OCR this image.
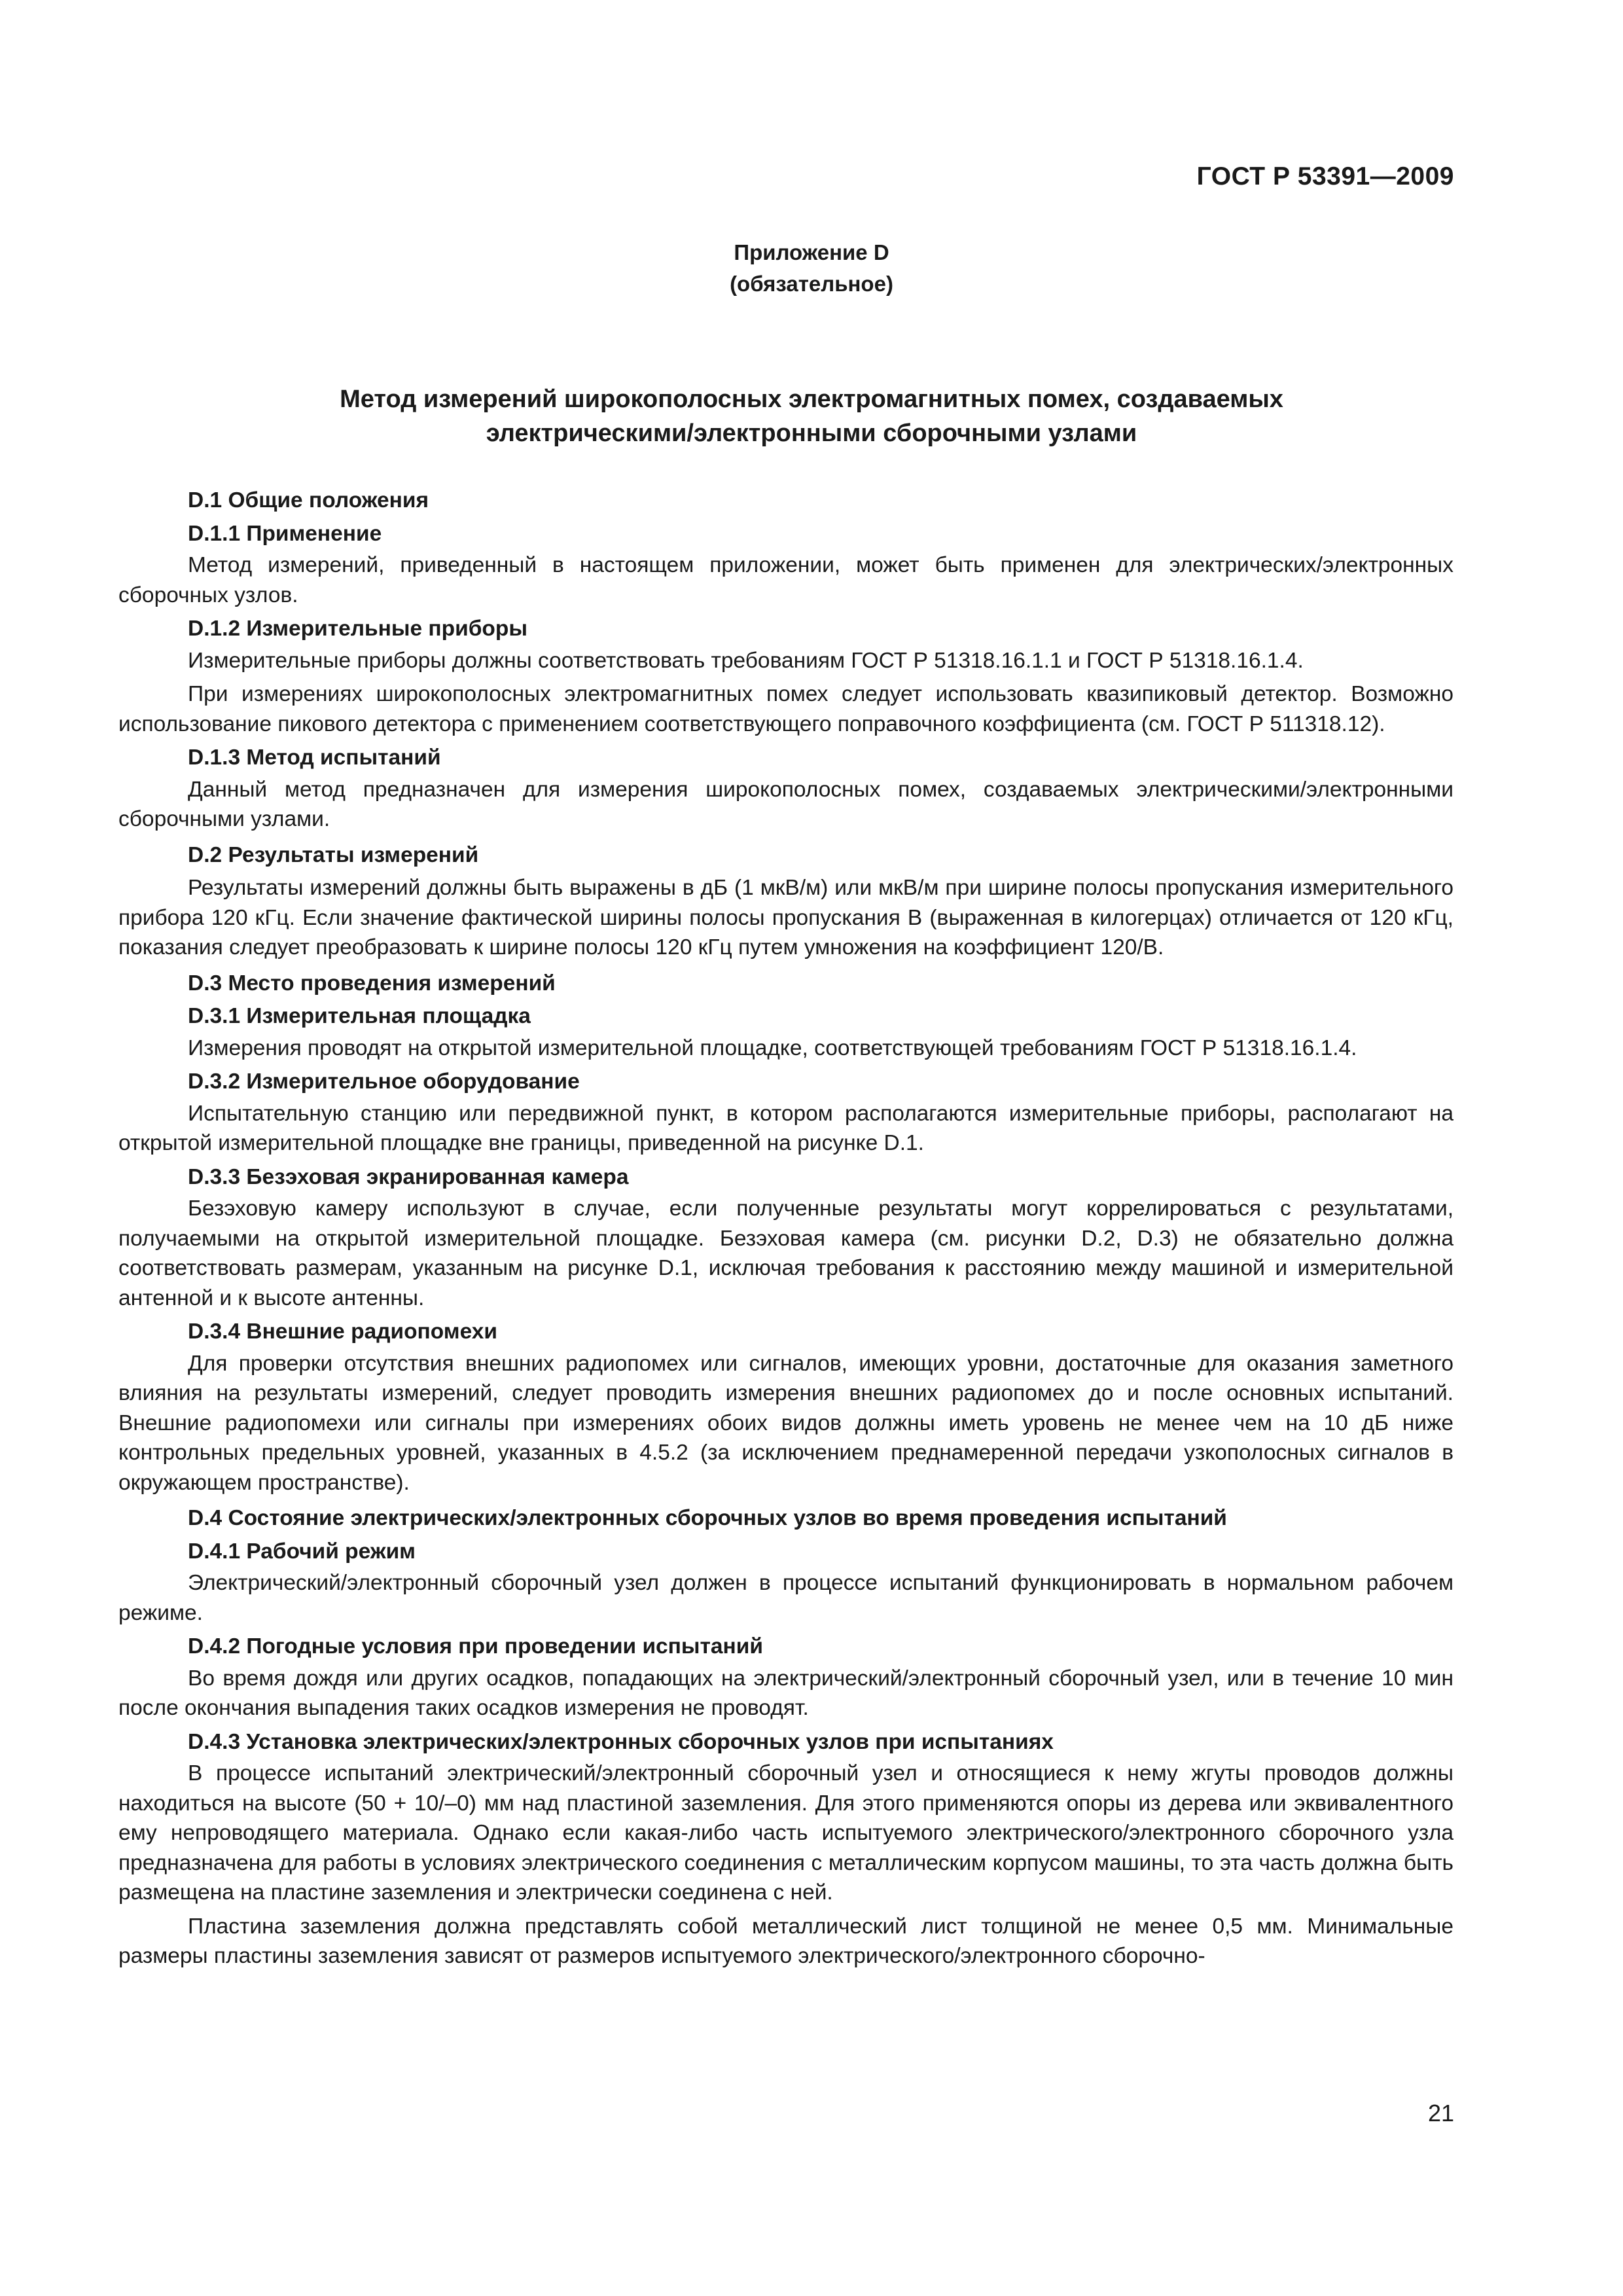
ГОСТ Р 53391—2009
Приложение D
(обязательное)
Метод измерений широкополосных электромагнитных помех, создаваемых
электрическими/электронными сборочными узлами

D.1 Общие положения

D.1.1 Применение

Метод измерений, приведенный в настоящем приложении, может быть применен для электрических/электронных сборочных узлов.

D.1.2 Измерительные приборы

Измерительные приборы должны соответствовать требованиям ГОСТ Р 51318.16.1.1 и ГОСТ Р 51318.16.1.4.

При измерениях широкополосных электромагнитных помех следует использовать квазипиковый детектор. Возможно использование пикового детектора с применением соответствующего поправочного коэффициента (см. ГОСТ Р 511318.12).

D.1.3 Метод испытаний

Данный метод предназначен для измерения широкополосных помех, создаваемых электрическими/электронными сборочными узлами.

D.2 Результаты измерений

Результаты измерений должны быть выражены в дБ (1 мкВ/м) или мкВ/м при ширине полосы пропускания измерительного прибора 120 кГц. Если значение фактической ширины полосы пропускания В (выраженная в килогерцах) отличается от 120 кГц, показания следует преобразовать к ширине полосы 120 кГц путем умножения на коэффициент 120/В.

D.3 Место проведения измерений

D.3.1 Измерительная площадка

Измерения проводят на открытой измерительной площадке, соответствующей требованиям ГОСТ Р 51318.16.1.4.

D.3.2 Измерительное оборудование

Испытательную станцию или передвижной пункт, в котором располагаются измерительные приборы, располагают на открытой измерительной площадке вне границы, приведенной на рисунке D.1.

D.3.3 Безэховая экранированная камера

Безэховую камеру используют в случае, если полученные результаты могут коррелироваться с результатами, получаемыми на открытой измерительной площадке. Безэховая камера (см. рисунки D.2, D.3) не обязательно должна соответствовать размерам, указанным на рисунке D.1, исключая требования к расстоянию между машиной и измерительной антенной и к высоте антенны.

D.3.4 Внешние радиопомехи

Для проверки отсутствия внешних радиопомех или сигналов, имеющих уровни, достаточные для оказания заметного влияния на результаты измерений, следует проводить измерения внешних радиопомех до и после основных испытаний. Внешние радиопомехи или сигналы при измерениях обоих видов должны иметь уровень не менее чем на 10 дБ ниже контрольных предельных уровней, указанных в 4.5.2 (за исключением преднамеренной передачи узкополосных сигналов в окружающем пространстве).

D.4 Состояние электрических/электронных сборочных узлов во время проведения испытаний

D.4.1 Рабочий режим

Электрический/электронный сборочный узел должен в процессе испытаний функционировать в нормальном рабочем режиме.

D.4.2 Погодные условия при проведении испытаний

Во время дождя или других осадков, попадающих на электрический/электронный сборочный узел, или в течение 10 мин после окончания выпадения таких осадков измерения не проводят.

D.4.3 Установка электрических/электронных сборочных узлов при испытаниях

В процессе испытаний электрический/электронный сборочный узел и относящиеся к нему жгуты проводов должны находиться на высоте (50 + 10/–0) мм над пластиной заземления. Для этого применяются опоры из дерева или эквивалентного ему непроводящего материала. Однако если какая-либо часть испытуемого электрического/электронного сборочного узла предназначена для работы в условиях электрического соединения с металлическим корпусом машины, то эта часть должна быть размещена на пластине заземления и электрически соединена с ней.

Пластина заземления должна представлять собой металлический лист толщиной не менее 0,5 мм. Минимальные размеры пластины заземления зависят от размеров испытуемого электрического/электронного сборочно-

21
